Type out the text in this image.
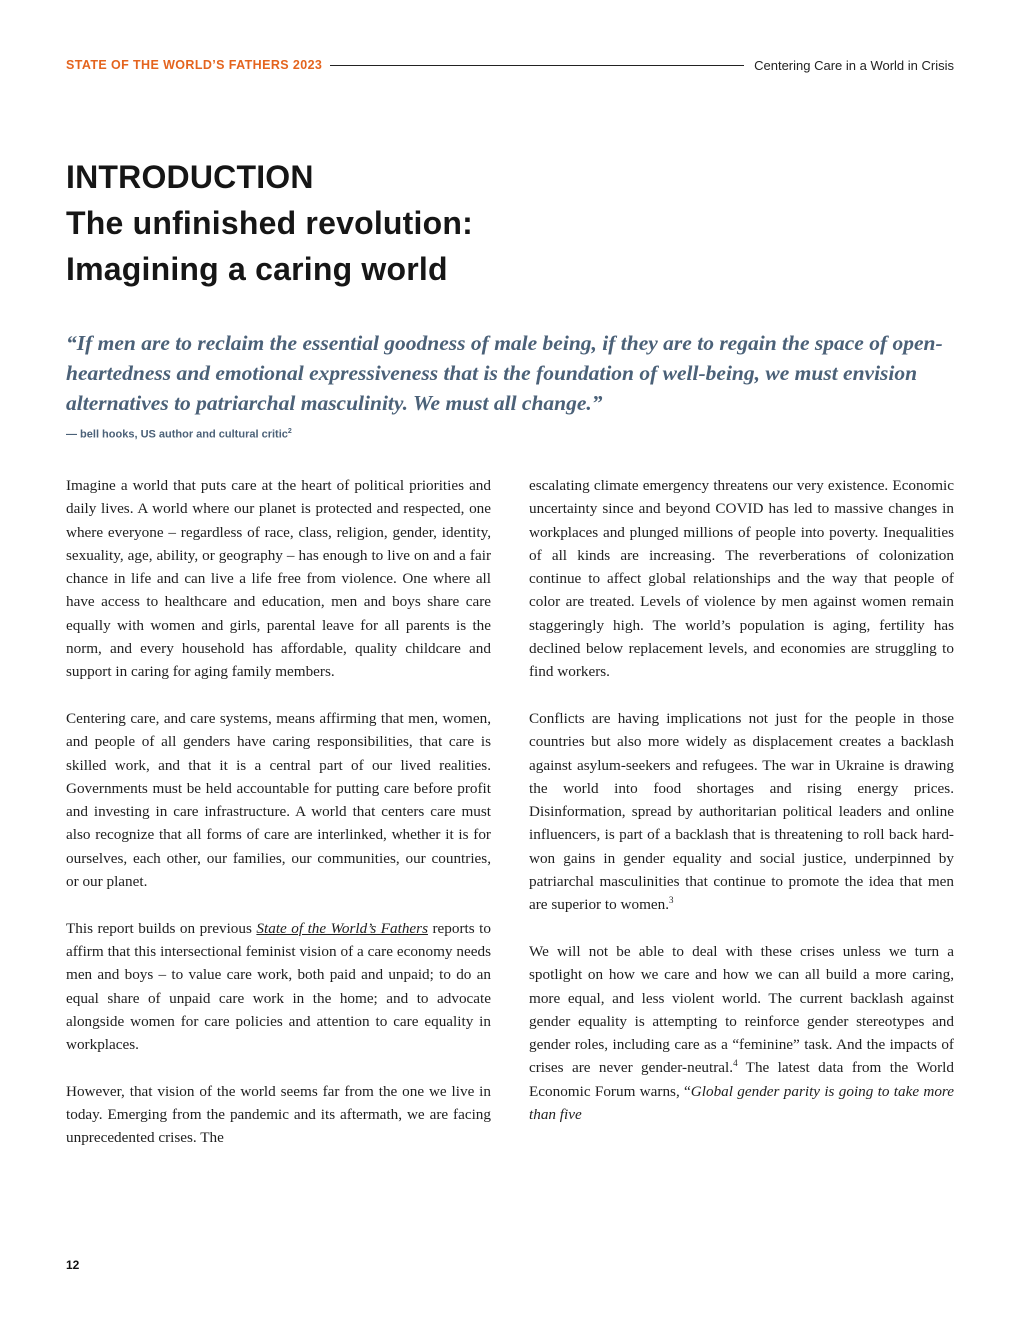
STATE OF THE WORLD’S FATHERS 2023	Centering Care in a World in Crisis
INTRODUCTION
The unfinished revolution:
Imagining a caring world

“If men are to reclaim the essential goodness of male being, if they are to regain the space of open-heartedness and emotional expressiveness that is the foundation of well-being, we must envision alternatives to patriarchal masculinity. We must all change.”

— bell hooks, US author and cultural critic$^2$

Imagine a world that puts care at the heart of political priorities and daily lives. A world where our planet is protected and respected, one where everyone – regardless of race, class, religion, gender, identity, sexuality, age, ability, or geography – has enough to live on and a fair chance in life and can live a life free from violence. One where all have access to healthcare and education, men and boys share care equally with women and girls, parental leave for all parents is the norm, and every household has affordable, quality childcare and support in caring for aging family members.

Centering care, and care systems, means affirming that men, women, and people of all genders have caring responsibilities, that care is skilled work, and that it is a central part of our lived realities. Governments must be held accountable for putting care before profit and investing in care infrastructure. A world that centers care must also recognize that all forms of care are interlinked, whether it is for ourselves, each other, our families, our communities, our countries, or our planet.

This report builds on previous State of the World’s Fathers reports to affirm that this intersectional feminist vision of a care economy needs men and boys – to value care work, both paid and unpaid; to do an equal share of unpaid care work in the home; and to advocate alongside women for care policies and attention to care equality in workplaces.

However, that vision of the world seems far from the one we live in today. Emerging from the pandemic and its aftermath, we are facing unprecedented crises. The

escalating climate emergency threatens our very existence. Economic uncertainty since and beyond COVID has led to massive changes in workplaces and plunged millions of people into poverty. Inequalities of all kinds are increasing. The reverberations of colonization continue to affect global relationships and the way that people of color are treated. Levels of violence by men against women remain staggeringly high. The world’s population is aging, fertility has declined below replacement levels, and economies are struggling to find workers.

Conflicts are having implications not just for the people in those countries but also more widely as displacement creates a backlash against asylum-seekers and refugees. The war in Ukraine is drawing the world into food shortages and rising energy prices. Disinformation, spread by authoritarian political leaders and online influencers, is part of a backlash that is threatening to roll back hard-won gains in gender equality and social justice, underpinned by patriarchal masculinities that continue to promote the idea that men are superior to women.$^3$

We will not be able to deal with these crises unless we turn a spotlight on how we care and how we can all build a more caring, more equal, and less violent world. The current backlash against gender equality is attempting to reinforce gender stereotypes and gender roles, including care as a “feminine” task. And the impacts of crises are never gender-neutral.$^4$ The latest data from the World Economic Forum warns, “Global gender parity is going to take more than five

12
